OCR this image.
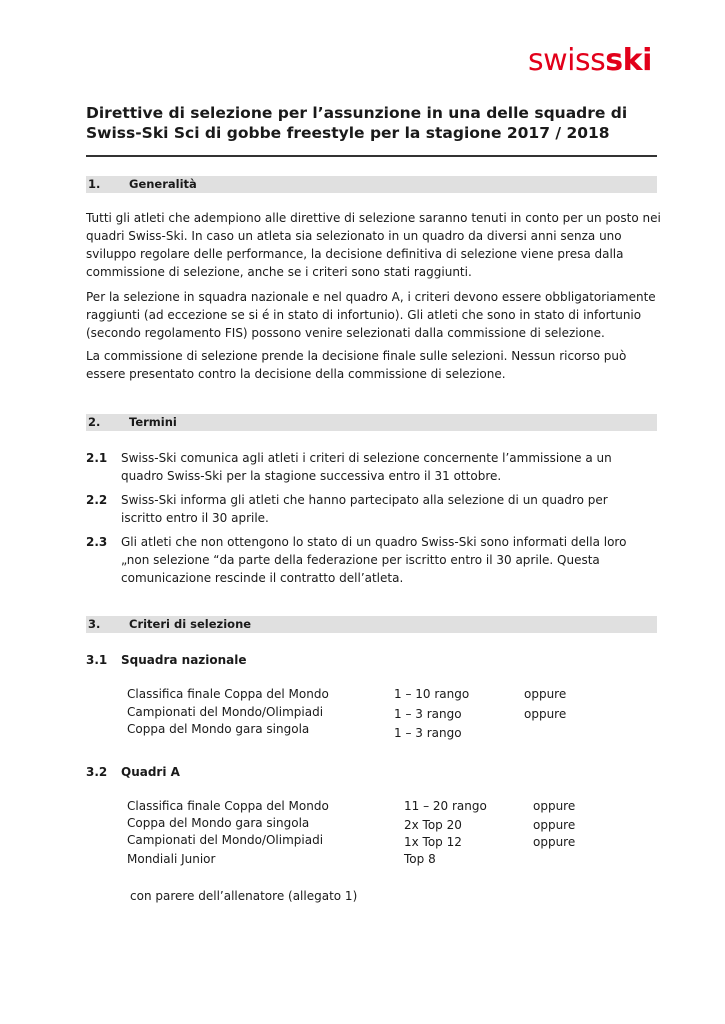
swissski
Direttive di selezione per l’assunzione in una delle squadre di Swiss-Ski Sci di gobbe freestyle per la stagione 2017 / 2018
1. Generalità

Tutti gli atleti che adempiono alle direttive di selezione saranno tenuti in conto per un posto nei quadri Swiss-Ski. In caso un atleta sia selezionato in un quadro da diversi anni senza uno sviluppo regolare delle performance, la decisione definitiva di selezione viene presa dalla commissione di selezione, anche se i criteri sono stati raggiunti.

Per la selezione in squadra nazionale e nel quadro A, i criteri devono essere obbligatoriamente raggiunti (ad eccezione se si é in stato di infortunio). Gli atleti che sono in stato di infortunio (secondo regolamento FIS) possono venire selezionati dalla commissione di selezione.

La commissione di selezione prende la decisione finale sulle selezioni. Nessun ricorso può essere presentato contro la decisione della commissione di selezione.

2. Termini
2.1 Swiss-Ski comunica agli atleti i criteri di selezione concernente l’ammissione a un quadro Swiss-Ski per la stagione successiva entro il 31 ottobre.
2.2 Swiss-Ski informa gli atleti che hanno partecipato alla selezione di un quadro per iscritto entro il 30 aprile.
2.3 Gli atleti che non ottengono lo stato di un quadro Swiss-Ski sono informati della loro „non selezione “da parte della federazione per iscritto entro il 30 aprile. Questa comunicazione rescinde il contratto dell’atleta.
3. Criteri di selezione
3.1 Squadra nazionale
Classifica finale Coppa del Mondo	1 – 10 rango	oppure
Campionati del Mondo/Olimpiadi	1 – 3 rango	oppure
Coppa del Mondo gara singola	1 – 3 rango
3.2 Quadri A
Classifica finale Coppa del Mondo	11 – 20 rango	oppure
Coppa del Mondo gara singola	2x Top 20	oppure
Campionati del Mondo/Olimpiadi	1x Top 12	oppure
Mondiali Junior	Top 8
con parere dell’allenatore (allegato 1)
